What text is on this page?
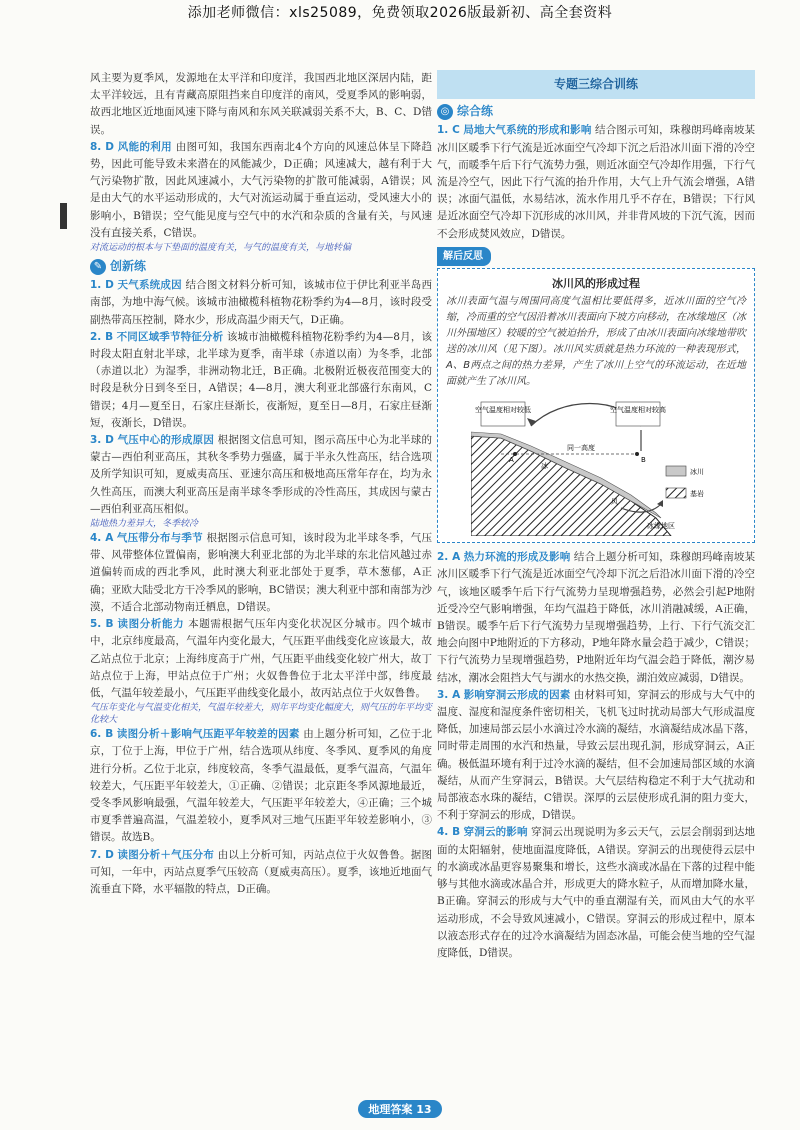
添加老师微信：xls25089，免费领取2026版最新初、高全套资料

风主要为夏季风，发源地在太平洋和印度洋，我国西北地区深居内陆，距太平洋较远，且有青藏高原阻挡来自印度洋的南风，受夏季风的影响弱，故西北地区近地面风速下降与南风和东风关联减弱关系不大，B、C、D错误。

8. D 风能的利用 由图可知，我国东西南北4个方向的风速总体呈下降趋势，因此可能导致未来潜在的风能减少，D正确；风速减大，越有利于大气污染物扩散，因此风速减小，大气污染物的扩散可能减弱，A错误；风是由大气的水平运动形成的，大气对流运动属于垂直运动，受风速大小的影响小，B错误；空气能见度与空气中的水汽和杂质的含量有关，与风速没有直接关系，C错误。

对流运动的根本与下垫面的温度有关，与气的温度有关，与地转偏
✎ 创新练

1. D 天气系统成因 结合图文材料分析可知，该城市位于伊比利亚半岛西南部，为地中海气候。该城市油橄榄科植物花粉季约为4—8月，该时段受副热带高压控制，降水少，形成高温少雨天气，D正确。

2. B 不同区域季节特征分析 该城市油橄榄科植物花粉季约为4—8月，该时段太阳直射北半球，北半球为夏季，南半球（赤道以南）为冬季，北部（赤道以北）为湿季，非洲动物北迁，B正确。北极附近极夜范围变大的时段是秋分日到冬至日，A错误；4—8月，澳大利亚北部盛行东南风，C错误；4月—夏至日，石家庄昼渐长，夜渐短，夏至日—8月，石家庄昼渐短，夜渐长，D错误。

3. D 气压中心的形成原因 根据图文信息可知，图示高压中心为北半球的蒙古—西伯利亚高压，其秋冬季势力强盛，属于半永久性高压，结合选项及所学知识可知，夏威夷高压、亚速尔高压和极地高压常年存在，均为永久性高压，而澳大利亚高压是南半球冬季形成的冷性高压，其成因与蒙古—西伯利亚高压相似。

陆地热力差异大，冬季较冷

4. A 气压带分布与季节 根据图示信息可知，该时段为北半球冬季，气压带、风带整体位置偏南，影响澳大利亚北部的为北半球的东北信风越过赤道偏转而成的西北季风，此时澳大利亚北部处于夏季，草木葱郁，A正确；亚欧大陆受北方干冷季风的影响，BC错误；澳大利亚中部和南部为沙漠，不适合北部动物南迁栖息，D错误。

5. B 读图分析能力 本题需根据气压年内变化状况区分城市。四个城市中，北京纬度最高，气温年内变化最大，气压距平曲线变化应该最大，故乙站点位于北京；上海纬度高于广州，气压距平曲线变化较广州大，故丁站点位于上海，甲站点位于广州；火奴鲁鲁位于北太平洋中部，纬度最低，气温年较差最小，气压距平曲线变化最小，故丙站点位于火奴鲁鲁。

气压年变化与气温变化相关，气温年较差大，则年平均变化幅度大，则气压的年平均变化较大

6. B 读图分析＋影响气压距平年较差的因素 由上题分析可知，乙位于北京，丁位于上海，甲位于广州，结合选项从纬度、冬季风、夏季风的角度进行分析。乙位于北京，纬度较高，冬季气温最低，夏季气温高，气温年较差大，气压距平年较差大，①正确、②错误；北京距冬季风源地最近，受冬季风影响最强，气温年较差大，气压距平年较差大，④正确；三个城市夏季普遍高温，气温差较小，夏季风对三地气压距平年较差影响小，③错误。故选B。

7. D 读图分析＋气压分布 由以上分析可知，丙站点位于火奴鲁鲁。据图可知，一年中，丙站点夏季气压较高（夏威夷高压）。夏季，该地近地面气流垂直下降，水平辐散的特点，D正确。

专题三综合训练
◎ 综合练

1. C 局地大气系统的形成和影响 结合图示可知，珠穆朗玛峰南坡某冰川区暖季下行气流是近冰面空气冷却下沉之后沿冰川面下滑的冷空气，而暖季午后下行气流势力强，则近冰面空气冷却作用强，下行气流是冷空气，因此下行气流的抬升作用，大气上升气流会增强，A错误；冰面气温低，水易结冰，流水作用几乎不存在，B错误；下行风是近冰面空气冷却下沉形成的冰川风，并非背风坡的下沉气流，因而不会形成焚风效应，D错误。

解后反思
冰川风的形成过程
冰川表面气温与周围同高度气温相比要低得多，近冰川面的空气冷缩，冷而重的空气因沿着冰川表面向下坡方向移动，在冰缘地区（冰川外围地区）较暖的空气被迫抬升，形成了由冰川表面向冰缘地带吹送的冰川风（见下图）。冰川风实质就是热力环流的一种表现形式，A、B两点之间的热力差异，产生了冰川上空气的环流运动，在近地面就产生了冰川风。
空气温度相对较低	空气温度相对较高
同一高度
冰
风
冰缘地区
A	B
冰川
基岩

2. A 热力环流的形成及影响 结合上题分析可知，珠穆朗玛峰南坡某冰川区暖季下行气流是近冰面空气冷却下沉之后沿冰川面下滑的冷空气，该地区暖季午后下行气流势力呈现增强趋势，必然会引起P地附近受冷空气影响增强，年均气温趋于降低，冰川消融减缓，A正确，B错误。暖季午后下行气流势力呈现增强趋势，上行、下行气流交汇地会向图中P地附近的下方移动，P地年降水量会趋于减少，C错误；下行气流势力呈现增强趋势，P地附近年均气温会趋于降低，潮汐易结冰，潮冰会阻挡大气与湖水的水热交换，湖泊效应减弱，D错误。

3. A 影响穿洞云形成的因素 由材料可知，穿洞云的形成与大气中的温度、湿度和湿度条件密切相关，飞机飞过时扰动局部大气形成温度降低，加速局部云层小水滴过冷水滴的凝结，水滴凝结成冰晶下落，同时带走周围的水汽和热量，导致云层出现孔洞，形成穿洞云，A正确。极低温环境有利于过冷水滴的凝结，但不会加速局部区域的水滴凝结，从而产生穿洞云，B错误。大气层结构稳定不利于大气扰动和局部液态水珠的凝结，C错误。深厚的云层使形成孔洞的阻力变大，不利于穿洞云的形成，D错误。

4. B 穿洞云的影响 穿洞云出现说明为多云天气，云层会削弱到达地面的太阳辐射，使地面温度降低，A错误。穿洞云的出现使得云层中的水滴或冰晶更容易聚集和增长，这些水滴或冰晶在下落的过程中能够与其他水滴或冰晶合并，形成更大的降水粒子，从而增加降水量，B正确。穿洞云的形成与大气中的垂直潮湿有关，而风由大气的水平运动形成，不会导致风速减小，C错误。穿洞云的形成过程中，原本以液态形式存在的过冷水滴凝结为固态冰晶，可能会使当地的空气湿度降低，D错误。

地理答案 13
